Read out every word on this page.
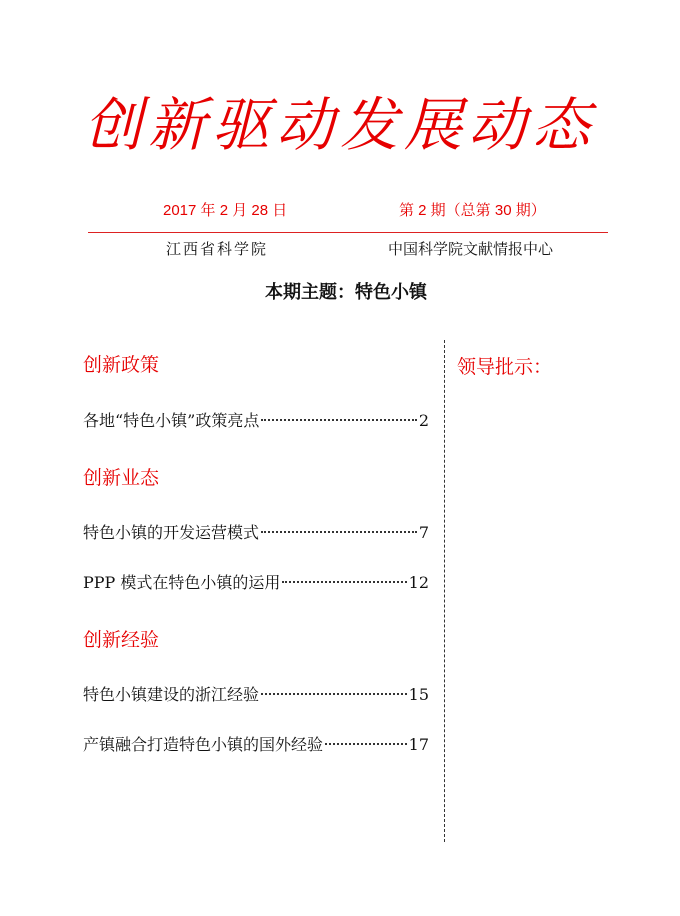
创新驱动发展动态
2017 年 2 月 28 日	第 2 期（总第 30 期）
江西省科学院	中国科学院文献情报中心
本期主题：特色小镇
创新政策
各地“特色小镇”政策亮点	2
创新业态
特色小镇的开发运营模式	7
PPP 模式在特色小镇的运用	12
创新经验
特色小镇建设的浙江经验	15
产镇融合打造特色小镇的国外经验	17
领导批示：
